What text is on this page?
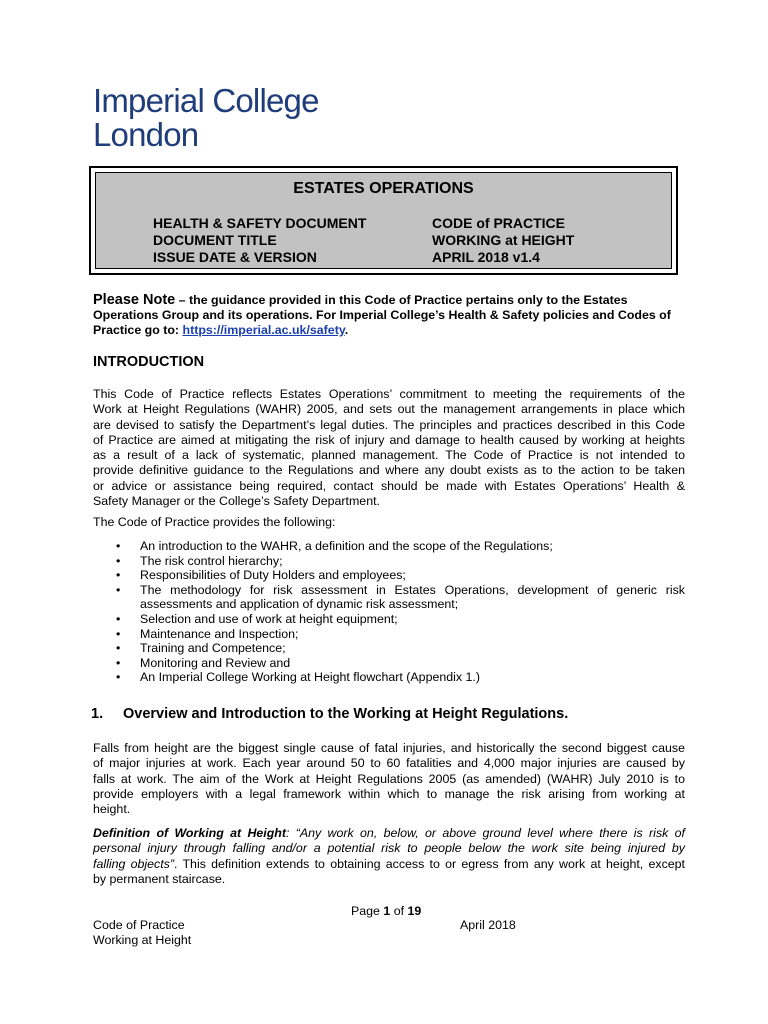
Imperial College
London
ESTATES OPERATIONS
HEALTH & SAFETY DOCUMENT	CODE of PRACTICE
DOCUMENT TITLE	WORKING at HEIGHT
ISSUE DATE & VERSION	APRIL 2018 v1.4
Please Note – the guidance provided in this Code of Practice pertains only to the Estates Operations Group and its operations. For Imperial College’s Health & Safety policies and Codes of Practice go to: https://imperial.ac.uk/safety.
INTRODUCTION
This Code of Practice reflects Estates Operations’ commitment to meeting the requirements of the
Work at Height Regulations (WAHR) 2005, and sets out the management arrangements in place which
are devised to satisfy the Department’s legal duties. The principles and practices described in this Code
of Practice are aimed at mitigating the risk of injury and damage to health caused by working at heights
as a result of a lack of systematic, planned management. The Code of Practice is not intended to
provide definitive guidance to the Regulations and where any doubt exists as to the action to be taken
or advice or assistance being required, contact should be made with Estates Operations’ Health &
Safety Manager or the College’s Safety Department.
The Code of Practice provides the following:
• An introduction to the WAHR, a definition and the scope of the Regulations;
• The risk control hierarchy;
• Responsibilities of Duty Holders and employees;
• The methodology for risk assessment in Estates Operations, development of generic risk
assessments and application of dynamic risk assessment;
• Selection and use of work at height equipment;
• Maintenance and Inspection;
• Training and Competence;
• Monitoring and Review and
• An Imperial College Working at Height flowchart (Appendix 1.)
1. Overview and Introduction to the Working at Height Regulations.
Falls from height are the biggest single cause of fatal injuries, and historically the second biggest cause
of major injuries at work. Each year around 50 to 60 fatalities and 4,000 major injuries are caused by
falls at work. The aim of the Work at Height Regulations 2005 (as amended) (WAHR) July 2010 is to
provide employers with a legal framework within which to manage the risk arising from working at
height.
Definition of Working at Height: “Any work on, below, or above ground level where there is risk of
personal injury through falling and/or a potential risk to people below the work site being injured by
falling objects”. This definition extends to obtaining access to or egress from any work at height, except
by permanent staircase.
Page 1 of 19
Code of Practice
Working at Height
April 2018
